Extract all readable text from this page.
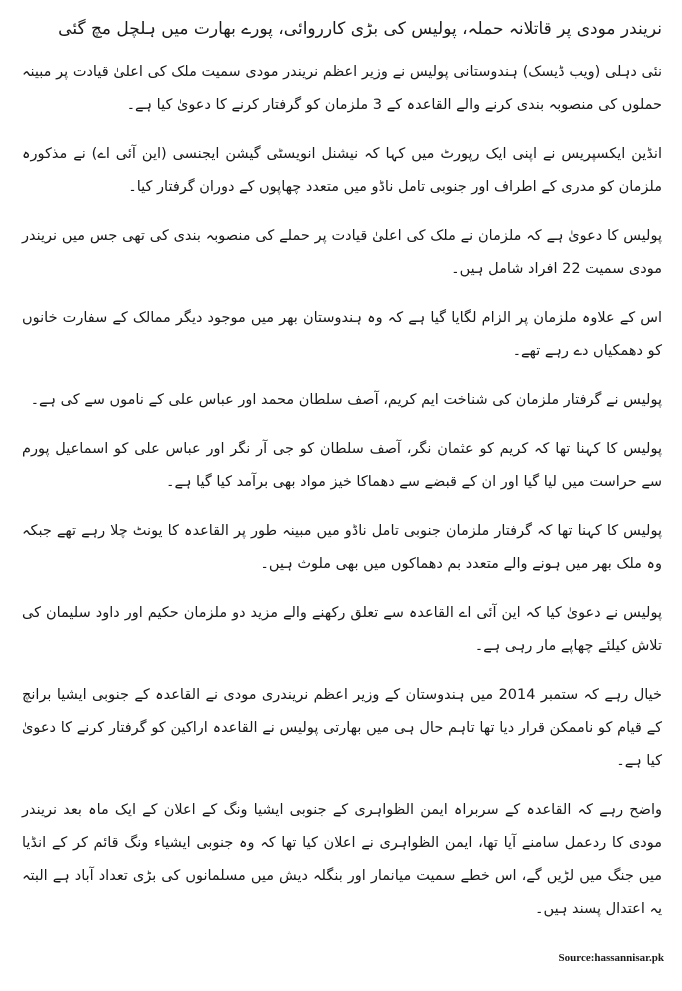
نریندر مودی پر قاتلانہ حملہ، پولیس کی بڑی کارروائی، پورے بھارت میں ہلچل مچ گئی

نئی دہلی (ویب ڈیسک) ہندوستانی پولیس نے وزیر اعظم نریندر مودی سمیت ملک کی اعلیٰ قیادت پر مبینہ حملوں کی منصوبہ بندی کرنے والے القاعدہ کے 3 ملزمان کو گرفتار کرنے کا دعویٰ کیا ہے۔

انڈین ایکسپریس نے اپنی ایک رپورٹ میں کہا کہ نیشنل انویسٹی گیشن ایجنسی (این آئی اے) نے مذکورہ ملزمان کو مدری کے اطراف اور جنوبی تامل ناڈو میں متعدد چھاپوں کے دوران گرفتار کیا۔

پولیس کا دعویٰ ہے کہ ملزمان نے ملک کی اعلیٰ قیادت پر حملے کی منصوبہ بندی کی تھی جس میں نریندر مودی سمیت 22 افراد شامل ہیں۔

اس کے علاوہ ملزمان پر الزام لگایا گیا ہے کہ وہ ہندوستان بھر میں موجود دیگر ممالک کے سفارت خانوں کو دھمکیاں دے رہے تھے۔

پولیس نے گرفتار ملزمان کی شناخت ایم کریم، آصف سلطان محمد اور عباس علی کے ناموں سے کی ہے۔

پولیس کا کہنا تھا کہ کریم کو عثمان نگر، آصف سلطان کو جی آر نگر اور عباس علی کو اسماعیل پورم سے حراست میں لیا گیا اور ان کے قبضے سے دھماکا خیز مواد بھی برآمد کیا گیا ہے۔

پولیس کا کہنا تھا کہ گرفتار ملزمان جنوبی تامل ناڈو میں مبینہ طور پر القاعدہ کا یونٹ چلا رہے تھے جبکہ وہ ملک بھر میں ہونے والے متعدد بم دھماکوں میں بھی ملوث ہیں۔

پولیس نے دعویٰ کیا کہ این آئی اے القاعدہ سے تعلق رکھنے والے مزید دو ملزمان حکیم اور داود سلیمان کی تلاش کیلئے چھاپے مار رہی ہے۔

خیال رہے کہ ستمبر 2014 میں ہندوستان کے وزیر اعظم نریندری مودی نے القاعدہ کے جنوبی ایشیا برانچ کے قیام کو ناممکن قرار دیا تھا تاہم حال ہی میں بھارتی پولیس نے القاعدہ اراکین کو گرفتار کرنے کا دعویٰ کیا ہے۔

واضح رہے کہ القاعدہ کے سربراہ ایمن الظواہری کے جنوبی ایشیا ونگ کے اعلان کے ایک ماہ بعد نریندر مودی کا ردعمل سامنے آیا تھا، ایمن الظواہری نے اعلان کیا تھا کہ وہ جنوبی ایشیاء ونگ قائم کر کے انڈیا میں جنگ میں لڑیں گے، اس خطے سمیت میانمار اور بنگلہ دیش میں مسلمانوں کی بڑی تعداد آباد ہے البتہ یہ اعتدال پسند ہیں۔

Source:hassannisar.pk
